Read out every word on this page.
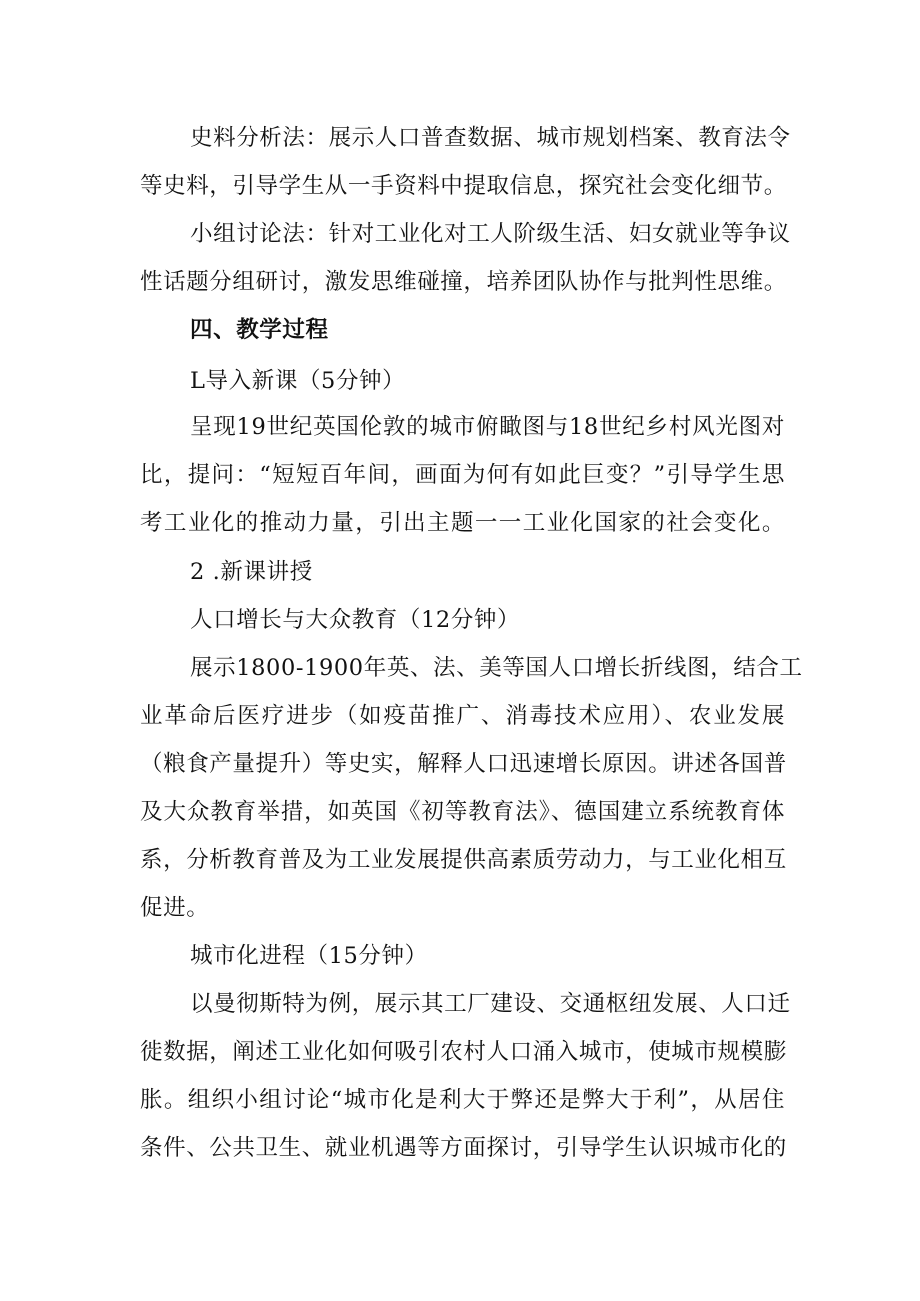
史料分析法：展示人口普查数据、城市规划档案、教育法令
等史料，引导学生从一手资料中提取信息，探究社会变化细节。
小组讨论法：针对工业化对工人阶级生活、妇女就业等争议
性话题分组研讨，激发思维碰撞，培养团队协作与批判性思维。
四、教学过程
L导入新课（5分钟）
呈现19世纪英国伦敦的城市俯瞰图与18世纪乡村风光图对
比，提问：“短短百年间，画面为何有如此巨变？”引导学生思
考工业化的推动力量，引出主题一一工业化国家的社会变化。
2 .新课讲授
人口增长与大众教育（12分钟）
展示1800-1900年英、法、美等国人口增长折线图，结合工
业革命后医疗进步（如疫苗推广、消毒技术应用）、农业发展
（粮食产量提升）等史实，解释人口迅速增长原因。讲述各国普
及大众教育举措，如英国《初等教育法》、德国建立系统教育体
系，分析教育普及为工业发展提供高素质劳动力，与工业化相互
促进。
城市化进程（15分钟）
以曼彻斯特为例，展示其工厂建设、交通枢纽发展、人口迁
徙数据，阐述工业化如何吸引农村人口涌入城市，使城市规模膨
胀。组织小组讨论“城市化是利大于弊还是弊大于利”，从居住
条件、公共卫生、就业机遇等方面探讨，引导学生认识城市化的
